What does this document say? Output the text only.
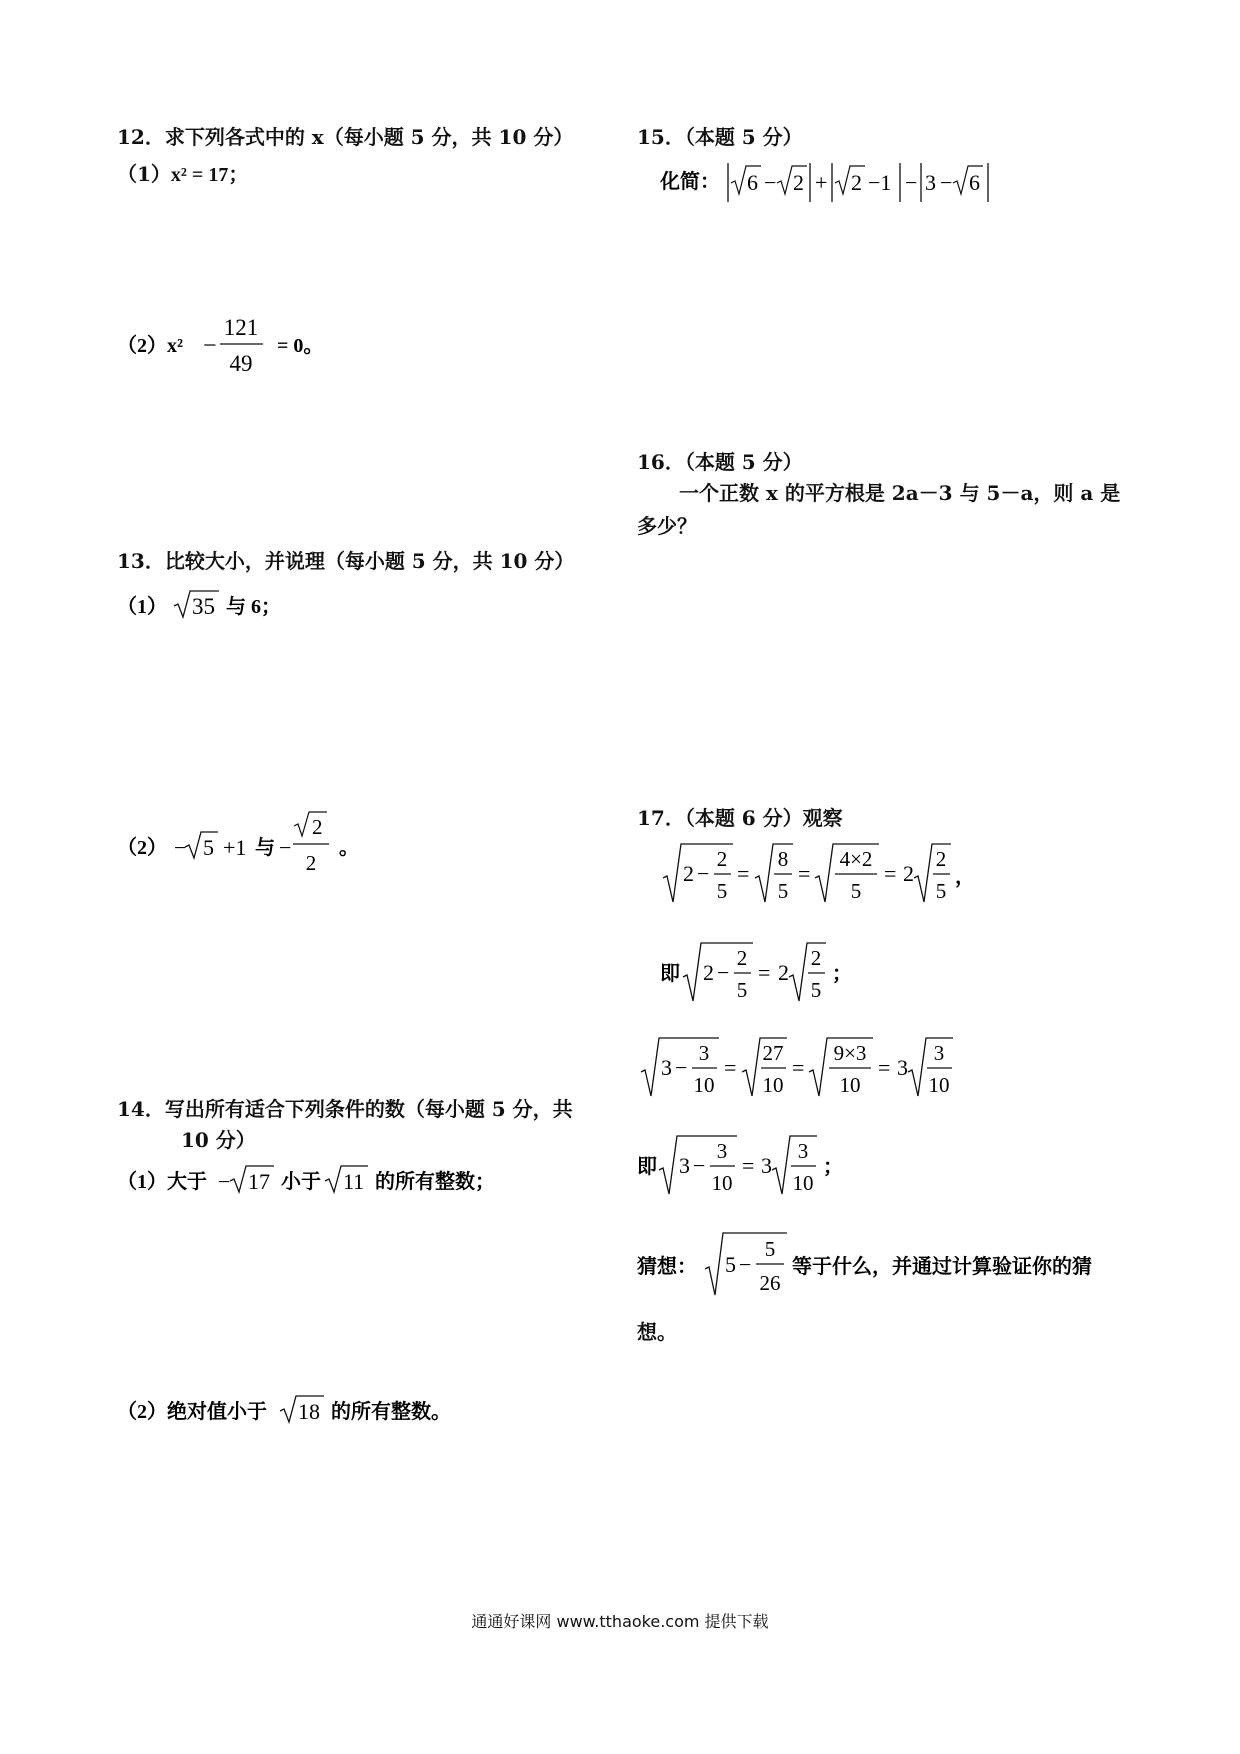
12．求下列各式中的 x（每小题 5 分，共 10 分）
（1）x² = 17；
（2）x² −
121
49
= 0。
13．比较大小，并说理（每小题 5 分，共 10 分）
（1） 35 与 6；
（2） − 5 +1 与 −
2
2
。
14．写出所有适合下列条件的数（每小题 5 分，共
10 分）
（1）大于 − 17 小于 11 的所有整数；
（2）绝对值小于 18 的所有整数。
15．（本题 5 分）
化简： 6 − 2 + 2 −1 − 3 − 6
16．（本题 5 分）
一个正数 x 的平方根是 2a－3 与 5－a，则 a 是
多少？
17．（本题 6 分）观察
2 −
2
5
=
8
5
=
4×2
5
= 2
2
5
，
即 2 −
2
5
= 2
2
5
；
3 −
3
10
=
27
10
=
9×3
10
= 3
3
10
即 3 −
3
10
= 3
3
10
；
猜想： 5 −
5
26
等于什么，并通过计算验证你的猜
想。
通通好课网 www.tthaoke.com 提供下载
